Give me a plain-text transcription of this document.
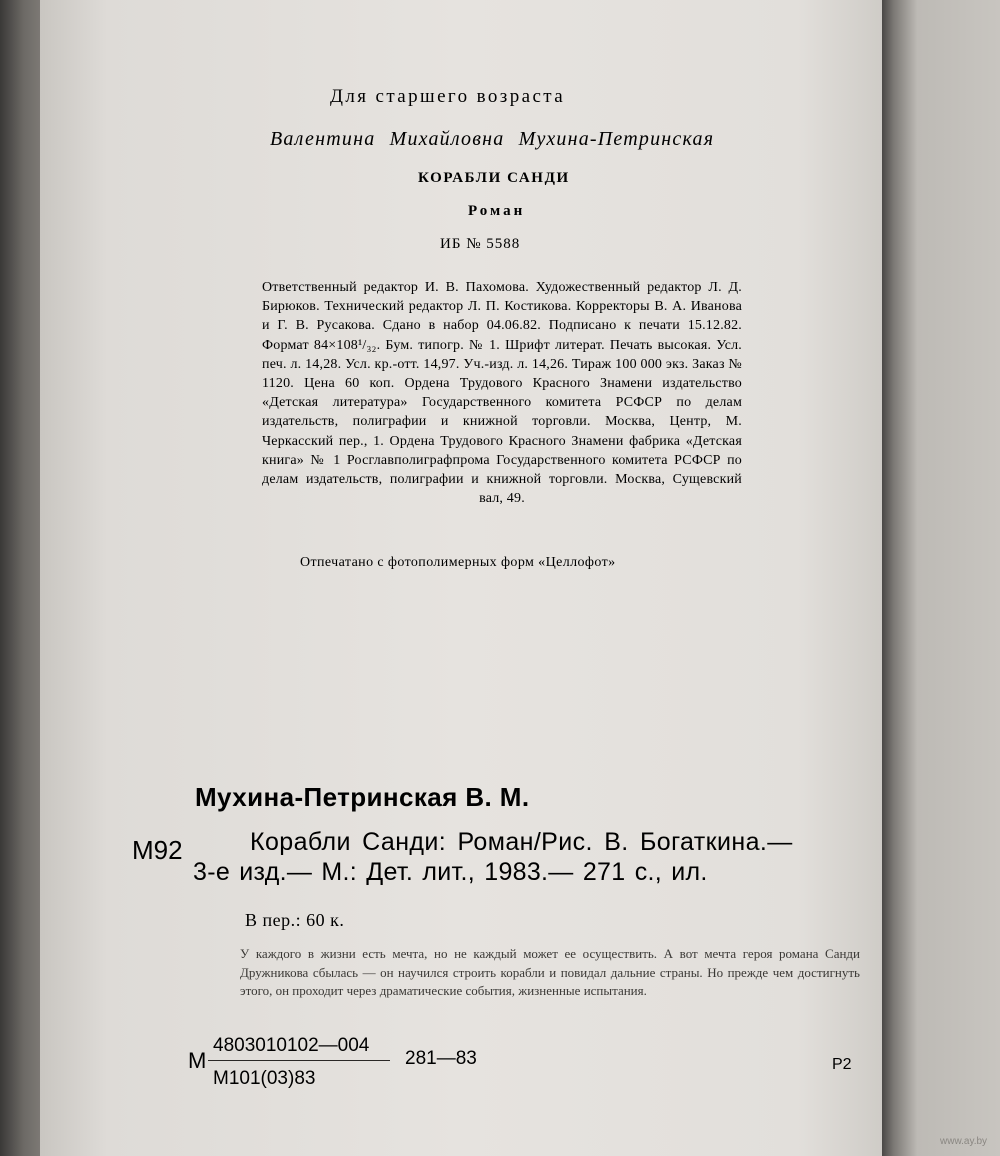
Для старшего возраста
Валентина Михайловна Мухина-Петринская
КОРАБЛИ САНДИ
Роман
ИБ № 5588
Ответственный редактор И. В. Пахомова. Художественный редактор Л. Д. Бирюков. Технический редактор Л. П. Костикова. Корректоры В. А. Иванова и Г. В. Русакова. Сдано в набор 04.06.82. Подписано к печати 15.12.82. Формат 84×108¹/₃₂. Бум. типогр. № 1. Шрифт литерат. Печать высокая. Усл. печ. л. 14,28. Усл. кр.-отт. 14,97. Уч.-изд. л. 14,26. Тираж 100 000 экз. Заказ № 1120. Цена 60 коп. Ордена Трудового Красного Знамени издательство «Детская литература» Государственного комитета РСФСР по делам издательств, полиграфии и книжной торговли. Москва, Центр, М. Черкасский пер., 1. Ордена Трудового Красного Знамени фабрика «Детская книга» № 1 Росглавполиграфпрома Государственного комитета РСФСР по делам издательств, полиграфии и книжной торговли. Москва, Сущевский вал, 49.
Отпечатано с фотополимерных форм «Целлофот»
Мухина-Петринская В. М.
М92	Корабли Санди: Роман/Рис. В. Богаткина.—
3-е изд.— М.: Дет. лит., 1983.— 271 с., ил.
В пер.: 60 к.
У каждого в жизни есть мечта, но не каждый может ее осуществить. А вот мечта героя романа Санди Дружникова сбылась — он научился строить корабли и повидал дальние страны. Но прежде чем достигнуть этого, он проходит через драматические события, жизненные испытания.
М
4803010102—004
М101(03)83
281—83	Р2
www.ay.by
